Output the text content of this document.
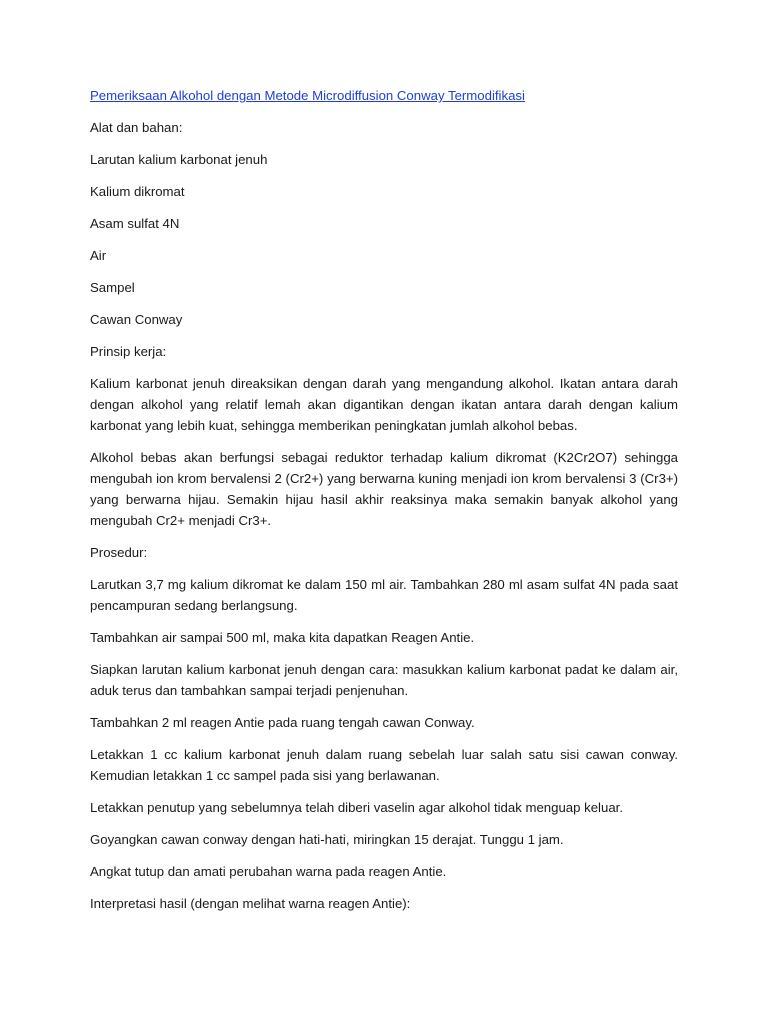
Pemeriksaan Alkohol dengan Metode Microdiffusion Conway Termodifikasi

Alat dan bahan:

Larutan kalium karbonat jenuh

Kalium dikromat

Asam sulfat 4N

Air

Sampel

Cawan Conway

Prinsip kerja:

Kalium karbonat jenuh direaksikan dengan darah yang mengandung alkohol. Ikatan antara darah dengan alkohol yang relatif lemah akan digantikan dengan ikatan antara darah dengan kalium karbonat yang lebih kuat, sehingga memberikan peningkatan jumlah alkohol bebas.

Alkohol bebas akan berfungsi sebagai reduktor terhadap kalium dikromat (K2Cr2O7) sehingga mengubah ion krom bervalensi 2 (Cr2+) yang berwarna kuning menjadi ion krom bervalensi 3 (Cr3+) yang berwarna hijau. Semakin hijau hasil akhir reaksinya maka semakin banyak alkohol yang mengubah Cr2+ menjadi Cr3+.

Prosedur:

Larutkan 3,7 mg kalium dikromat ke dalam 150 ml air. Tambahkan 280 ml asam sulfat 4N pada saat pencampuran sedang berlangsung.

Tambahkan air sampai 500 ml, maka kita dapatkan Reagen Antie.

Siapkan larutan kalium karbonat jenuh dengan cara: masukkan kalium karbonat padat ke dalam air, aduk terus dan tambahkan sampai terjadi penjenuhan.

Tambahkan 2 ml reagen Antie pada ruang tengah cawan Conway.

Letakkan 1 cc kalium karbonat jenuh dalam ruang sebelah luar salah satu sisi cawan conway. Kemudian letakkan 1 cc sampel pada sisi yang berlawanan.

Letakkan penutup yang sebelumnya telah diberi vaselin agar alkohol tidak menguap keluar.

Goyangkan cawan conway dengan hati-hati, miringkan 15 derajat. Tunggu 1 jam.

Angkat tutup dan amati perubahan warna pada reagen Antie.

Interpretasi hasil (dengan melihat warna reagen Antie):
